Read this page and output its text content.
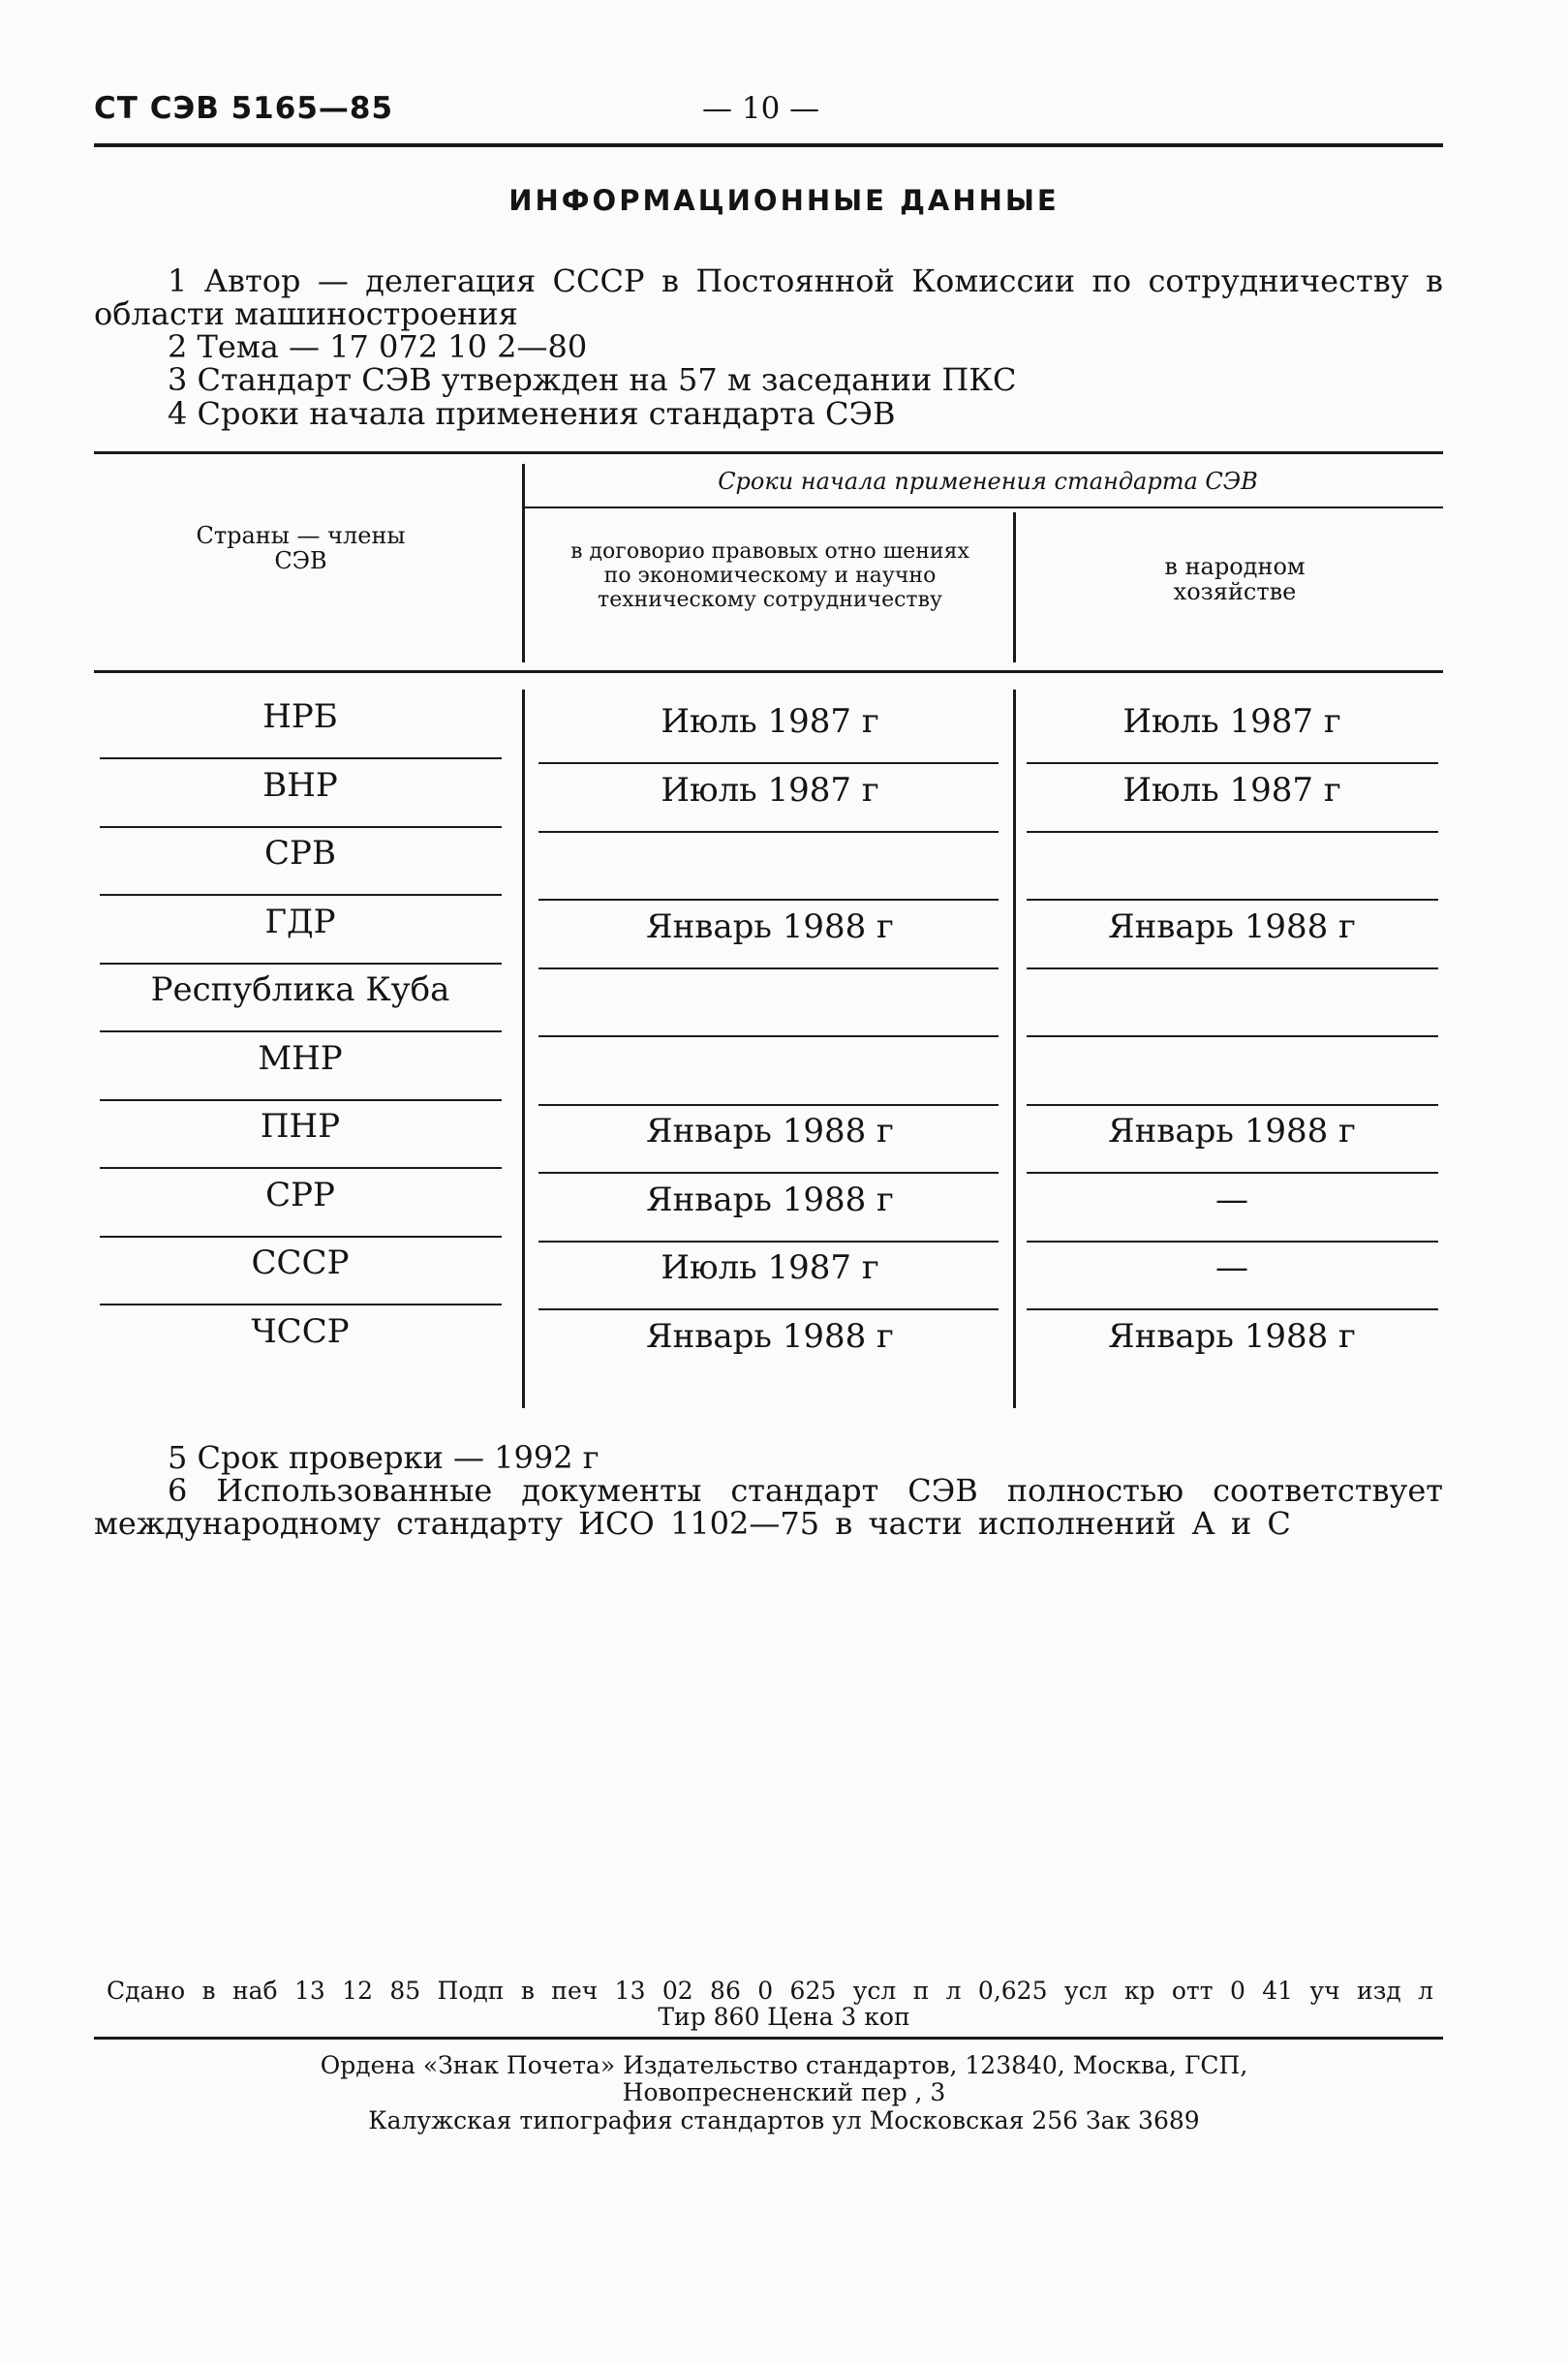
СТ СЭВ 5165—85	— 10 —
ИНФОРМАЦИОННЫЕ ДАННЫЕ
1 Автор — делегация СССР в Постоянной Комиссии по сотрудничеству в
области машиностроения
2 Тема — 17 072 10 2—80
3 Стандарт СЭВ утвержден на 57 м заседании ПКС
4 Сроки начала применения стандарта СЭВ
Страны — члены СЭВ
Сроки начала применения стандарта СЭВ
в договорио правовых отно шениях по экономическому и научно техническому сотрудничеству
в народном хозяйстве
НРБ	Июль 1987 г	Июль 1987 г
ВНР	Июль 1987 г	Июль 1987 г
СРВ
ГДР	Январь 1988 г	Январь 1988 г
Республика Куба
МНР
ПНР	Январь 1988 г	Январь 1988 г
СРР	Январь 1988 г	—
СССР	Июль 1987 г	—
ЧССР	Январь 1988 г	Январь 1988 г
5 Срок проверки — 1992 г
6 Использованные документы стандарт СЭВ полностью соответствует
международному стандарту ИСО 1102—75 в части исполнений А и С
Сдано в наб 13 12 85 Подп в печ 13 02 86 0 625 усл п л 0,625 усл кр отт 0 41 уч изд л
Тир 860 Цена 3 коп
Ордена «Знак Почета» Издательство стандартов, 123840, Москва, ГСП,
Новопресненский пер , 3
Калужская типография стандартов ул Московская 256 Зак 3689
